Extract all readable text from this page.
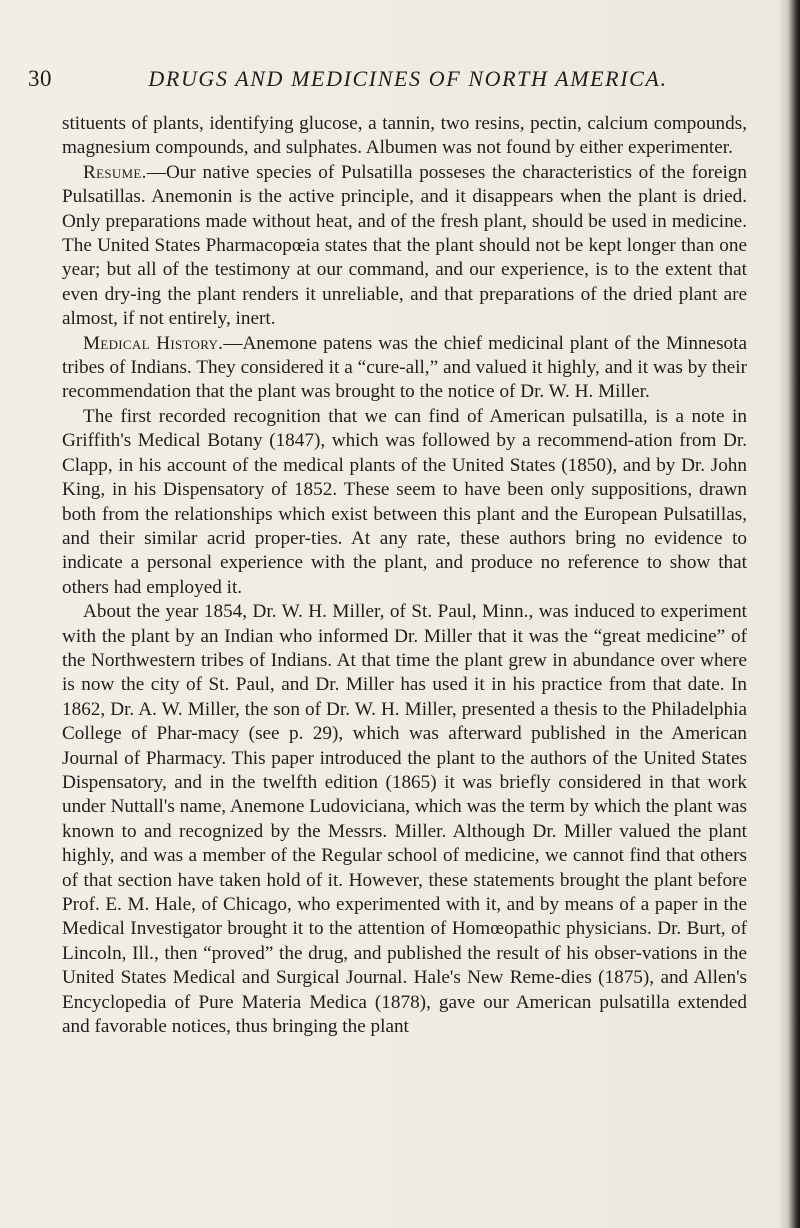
30	DRUGS AND MEDICINES OF NORTH AMERICA.

stituents of plants, identifying glucose, a tannin, two resins, pectin, calcium compounds, magnesium compounds, and sulphates. Albumen was not found by either experimenter.

Resume.—Our native species of Pulsatilla posseses the characteristics of the foreign Pulsatillas. Anemonin is the active principle, and it disappears when the plant is dried. Only preparations made without heat, and of the fresh plant, should be used in medicine. The United States Pharmacopœia states that the plant should not be kept longer than one year; but all of the testimony at our command, and our experience, is to the extent that even dry-ing the plant renders it unreliable, and that preparations of the dried plant are almost, if not entirely, inert.

Medical History.—Anemone patens was the chief medicinal plant of the Minnesota tribes of Indians. They considered it a “cure-all,” and valued it highly, and it was by their recommendation that the plant was brought to the notice of Dr. W. H. Miller.

The first recorded recognition that we can find of American pulsatilla, is a note in Griffith's Medical Botany (1847), which was followed by a recommend-ation from Dr. Clapp, in his account of the medical plants of the United States (1850), and by Dr. John King, in his Dispensatory of 1852. These seem to have been only suppositions, drawn both from the relationships which exist between this plant and the European Pulsatillas, and their similar acrid proper-ties. At any rate, these authors bring no evidence to indicate a personal experience with the plant, and produce no reference to show that others had employed it.

About the year 1854, Dr. W. H. Miller, of St. Paul, Minn., was induced to experiment with the plant by an Indian who informed Dr. Miller that it was the “great medicine” of the Northwestern tribes of Indians. At that time the plant grew in abundance over where is now the city of St. Paul, and Dr. Miller has used it in his practice from that date. In 1862, Dr. A. W. Miller, the son of Dr. W. H. Miller, presented a thesis to the Philadelphia College of Phar-macy (see p. 29), which was afterward published in the American Journal of Pharmacy. This paper introduced the plant to the authors of the United States Dispensatory, and in the twelfth edition (1865) it was briefly considered in that work under Nuttall's name, Anemone Ludoviciana, which was the term by which the plant was known to and recognized by the Messrs. Miller. Although Dr. Miller valued the plant highly, and was a member of the Regular school of medicine, we cannot find that others of that section have taken hold of it. However, these statements brought the plant before Prof. E. M. Hale, of Chicago, who experimented with it, and by means of a paper in the Medical Investigator brought it to the attention of Homœopathic physicians. Dr. Burt, of Lincoln, Ill., then “proved” the drug, and published the result of his obser-vations in the United States Medical and Surgical Journal. Hale's New Reme-dies (1875), and Allen's Encyclopedia of Pure Materia Medica (1878), gave our American pulsatilla extended and favorable notices, thus bringing the plant
